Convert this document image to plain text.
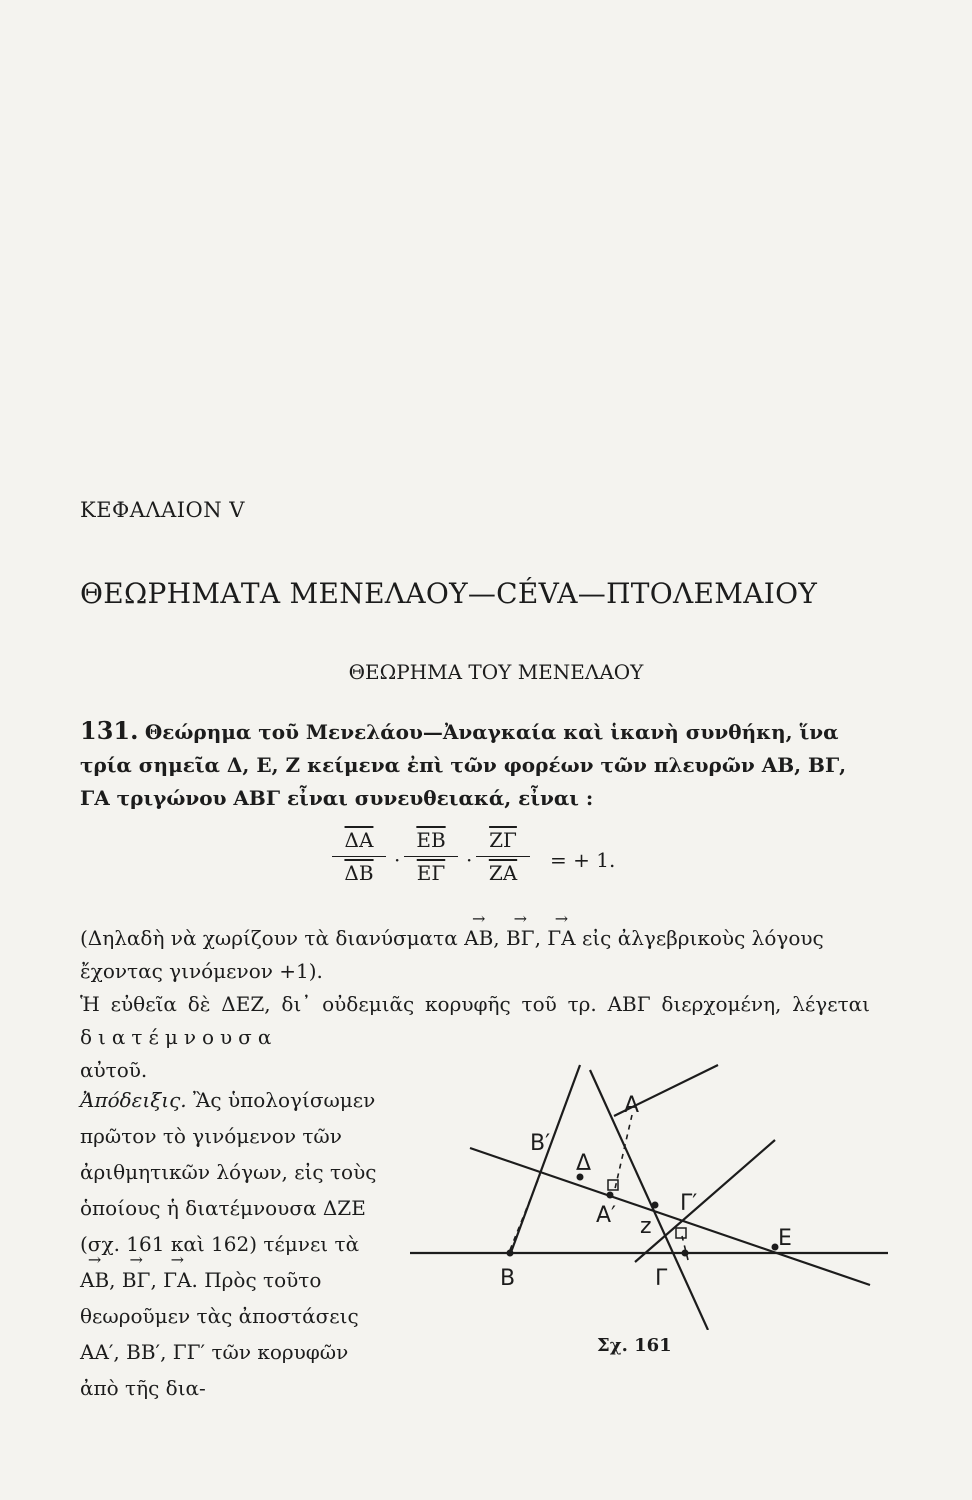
ΚΕΦΑΛΑΙΟΝ V
ΘΕΩΡΗΜΑΤΑ ΜΕΝΕΛΑΟΥ—CÉVA—ΠΤΟΛΕΜΑΙΟΥ
ΘΕΩΡΗΜΑ ΤΟΥ ΜΕΝΕΛΑΟΥ
131. Θεώρημα τοῦ Μενελάου—Ἀναγκαία καὶ ἱκανὴ συνθήκη, ἵνα τρία σημεῖα Δ, Ε, Ζ κείμενα ἐπὶ τῶν φορέων τῶν πλευρῶν ΑΒ, ΒΓ, ΓΑ τριγώνου ΑΒΓ εἶναι συνευθειακά, εἶναι :
$\frac{\overline{\Delta A}}{\Delta B} \cdot \frac{\overline{EB}}{E\Gamma} \cdot \frac{\overline{Z\Gamma}}{ZA}$ = + 1.
(Δηλαδὴ νὰ χωρίζουν τὰ διανύσματα → ΑΒ, → ΒΓ, → ΓΑ εἰς ἀλγεβρικοὺς λόγους ἔχοντας γινόμενον +1).
Ἡ εὐθεῖα δὲ ΔΕΖ, δι᾽ οὐδεμιᾶς κορυφῆς τοῦ τρ. ΑΒΓ διερχομένη, λέγεται διατέμνουσα
αὐτοῦ.
Ἀπόδειξις. Ἂς ὑπολογίσωμεν πρῶτον τὸ γινόμενον τῶν ἀριθμητικῶν λόγων, εἰς τοὺς ὁποίους ἡ διατέμνουσα ΔΖΕ (σχ. 161 καὶ 162) τέμνει τὰ → ΑΒ, → ΒΓ, → ΓΑ. Πρὸς τοῦτο θεωροῦμεν τὰς ἀποστάσεις ΑΑ′, ΒΒ′, ΓΓ′ τῶν κορυφῶν ἀπὸ τῆς δια-
A
B	Γ
Δ
E
z
B′
A′	Γ′
Σχ. 161
